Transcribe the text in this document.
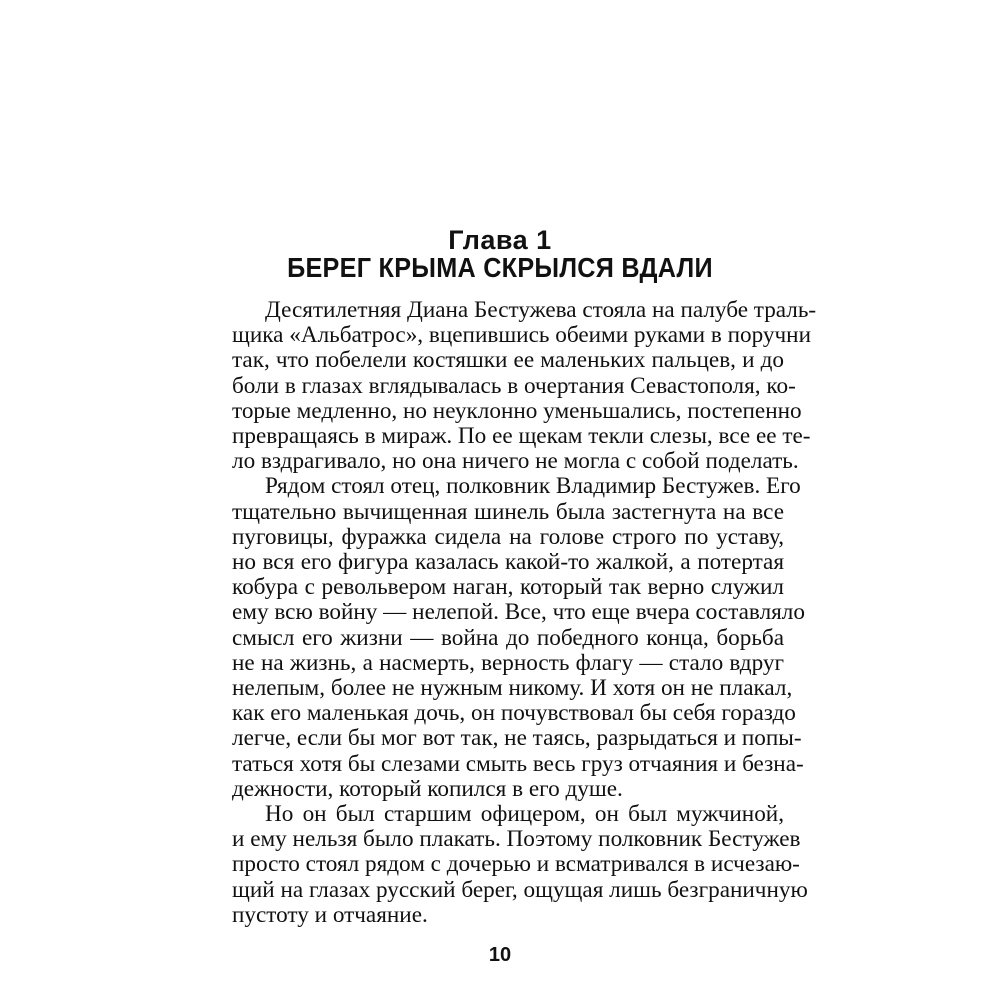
Глава 1
БЕРЕГ КРЫМА СКРЫЛСЯ ВДАЛИ
Десятилетняя Диана Бестужева стояла на палубе траль-
щика «Альбатрос», вцепившись обеими руками в поручни
так, что побелели костяшки ее маленьких пальцев, и до
боли в глазах вглядывалась в очертания Севастополя, ко-
торые медленно, но неуклонно уменьшались, постепенно
превращаясь в мираж. По ее щекам текли слезы, все ее те-
ло вздрагивало, но она ничего не могла с собой поделать.
Рядом стоял отец, полковник Владимир Бестужев. Его
тщательно вычищенная шинель была застегнута на все
пуговицы, фуражка сидела на голове строго по уставу,
но вся его фигура казалась какой-то жалкой, а потертая
кобура с револьвером наган, который так верно служил
ему всю войну — нелепой. Все, что еще вчера составляло
смысл его жизни — война до победного конца, борьба
не на жизнь, а насмерть, верность флагу — стало вдруг
нелепым, более не нужным никому. И хотя он не плакал,
как его маленькая дочь, он почувствовал бы себя гораздо
легче, если бы мог вот так, не таясь, разрыдаться и попы-
таться хотя бы слезами смыть весь груз отчаяния и безна-
дежности, который копился в его душе.
Но он был старшим офицером, он был мужчиной,
и ему нельзя было плакать. Поэтому полковник Бестужев
просто стоял рядом с дочерью и всматривался в исчезаю-
щий на глазах русский берег, ощущая лишь безграничную
пустоту и отчаяние.
10
